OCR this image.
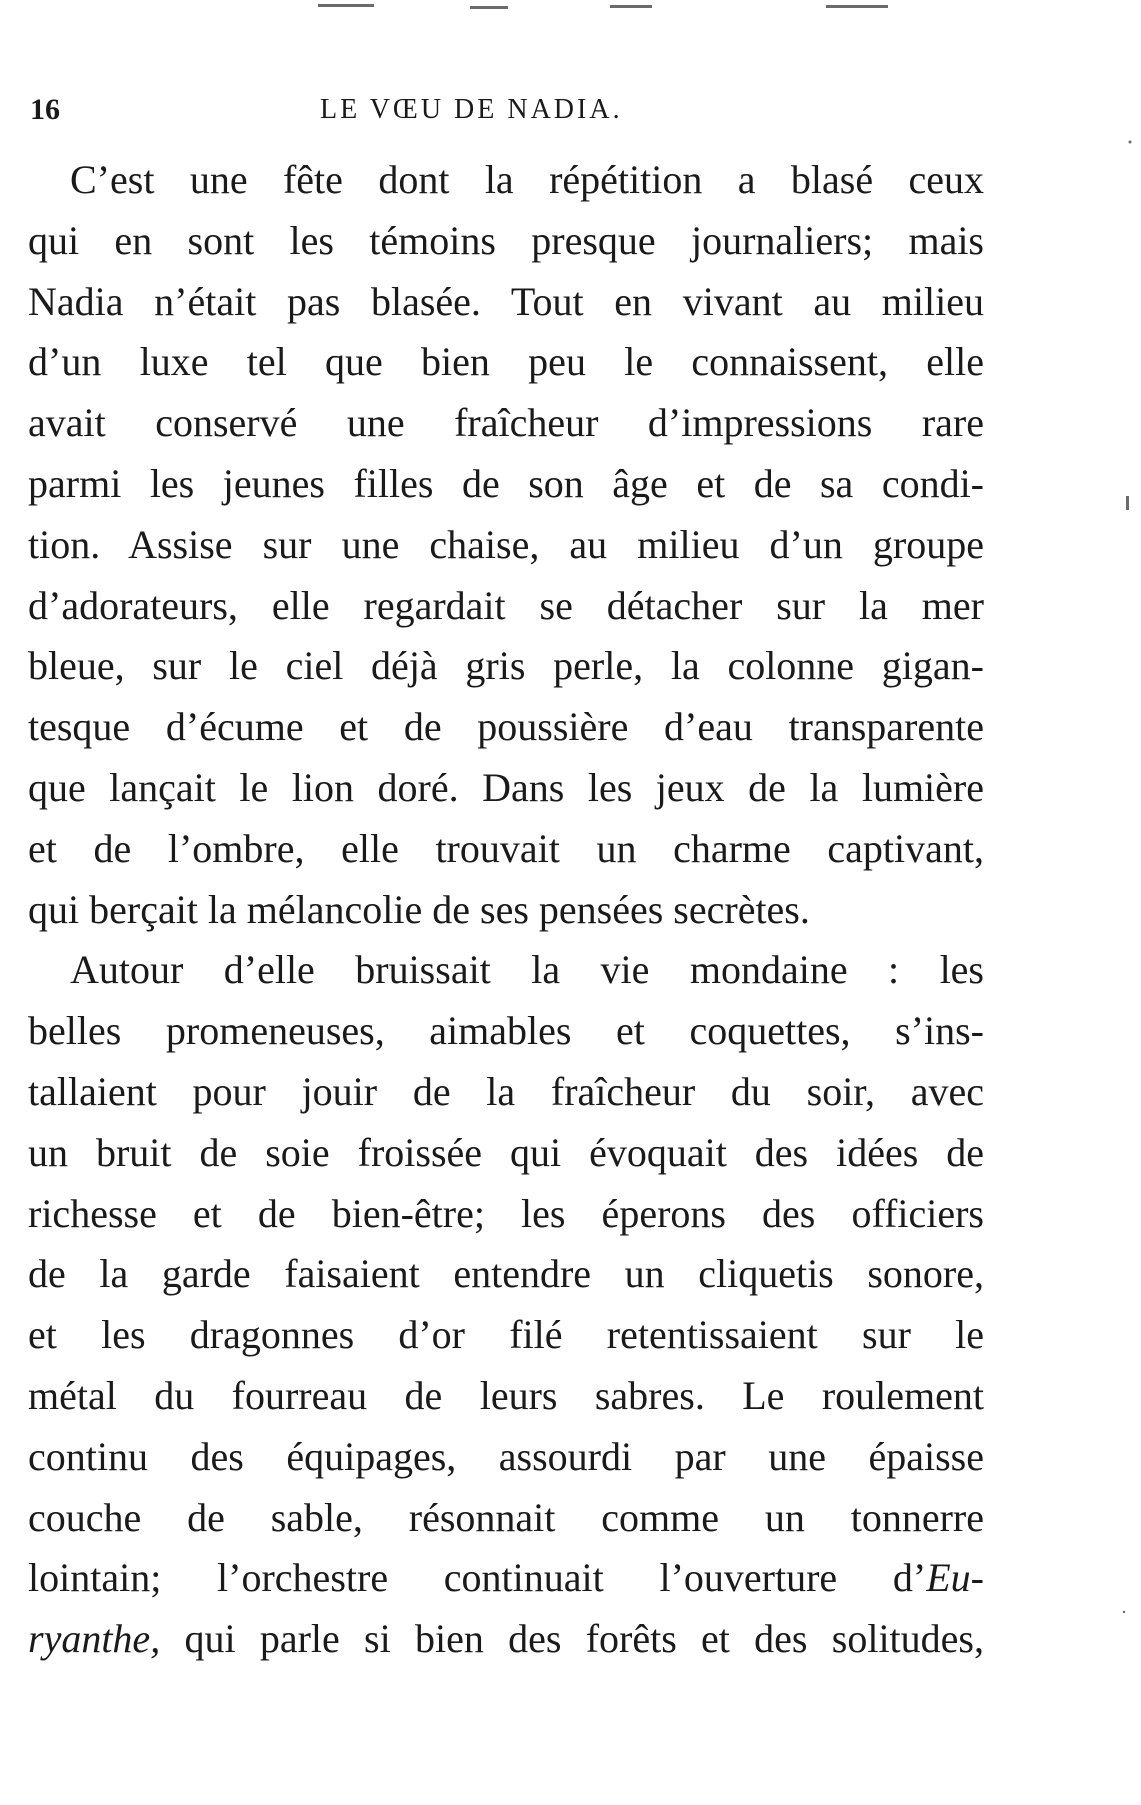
16	LE VŒU DE NADIA.
C’est une fête dont la répétition a blasé ceux
qui en sont les témoins presque journaliers; mais
Nadia n’était pas blasée. Tout en vivant au milieu
d’un luxe tel que bien peu le connaissent, elle
avait conservé une fraîcheur d’impressions rare
parmi les jeunes filles de son âge et de sa condi-
tion. Assise sur une chaise, au milieu d’un groupe
d’adorateurs, elle regardait se détacher sur la mer
bleue, sur le ciel déjà gris perle, la colonne gigan-
tesque d’écume et de poussière d’eau transparente
que lançait le lion doré. Dans les jeux de la lumière
et de l’ombre, elle trouvait un charme captivant,
qui berçait la mélancolie de ses pensées secrètes.
Autour d’elle bruissait la vie mondaine : les
belles promeneuses, aimables et coquettes, s’ins-
tallaient pour jouir de la fraîcheur du soir, avec
un bruit de soie froissée qui évoquait des idées de
richesse et de bien-être; les éperons des officiers
de la garde faisaient entendre un cliquetis sonore,
et les dragonnes d’or filé retentissaient sur le
métal du fourreau de leurs sabres. Le roulement
continu des équipages, assourdi par une épaisse
couche de sable, résonnait comme un tonnerre
lointain; l’orchestre continuait l’ouverture d’Eu-
ryanthe, qui parle si bien des forêts et des solitudes,
